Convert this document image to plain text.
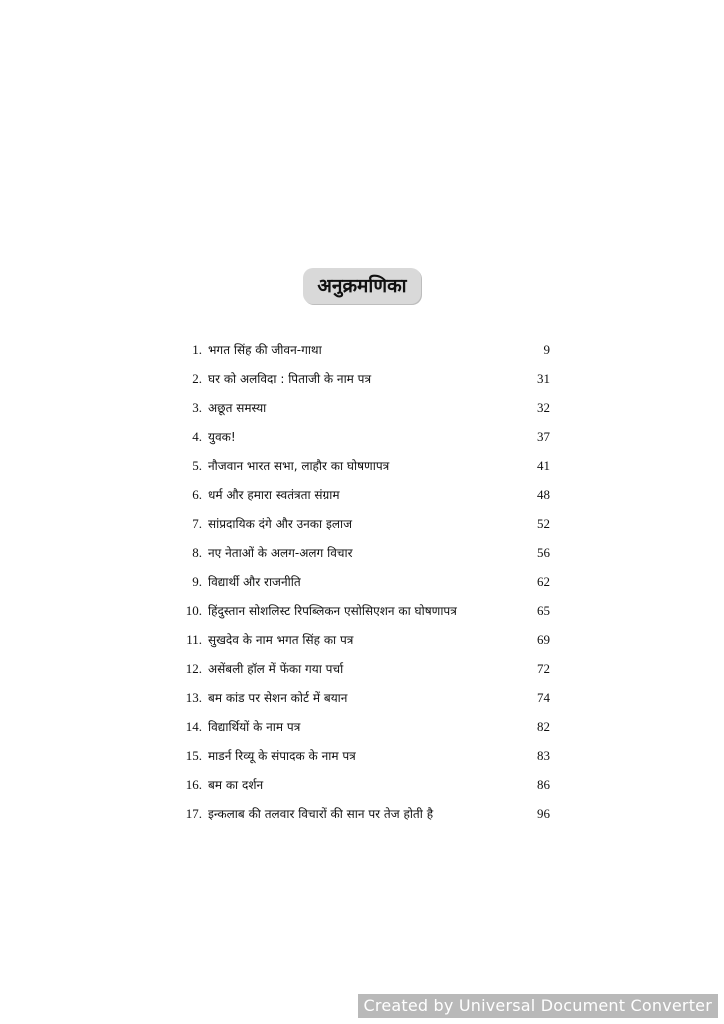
अनुक्रमणिका
1. भगत सिंह की जीवन-गाथा	9
2. घर को अलविदा : पिताजी के नाम पत्र	31
3. अछूत समस्या	32
4. युवक!	37
5. नौजवान भारत सभा, लाहौर का घोषणापत्र	41
6. धर्म और हमारा स्वतंत्रता संग्राम	48
7. सांप्रदायिक दंगे और उनका इलाज	52
8. नए नेताओं के अलग-अलग विचार	56
9. विद्यार्थी और राजनीति	62
10. हिंदुस्तान सोशलिस्ट रिपब्लिकन एसोसिएशन का घोषणापत्र	65
11. सुखदेव के नाम भगत सिंह का पत्र	69
12. असेंबली हॉल में फेंका गया पर्चा	72
13. बम कांड पर सेशन कोर्ट में बयान	74
14. विद्यार्थियों के नाम पत्र	82
15. माडर्न रिव्यू के संपादक के नाम पत्र	83
16. बम का दर्शन	86
17. इन्कलाब की तलवार विचारों की सान पर तेज होती है	96
Created by Universal Document Converter
